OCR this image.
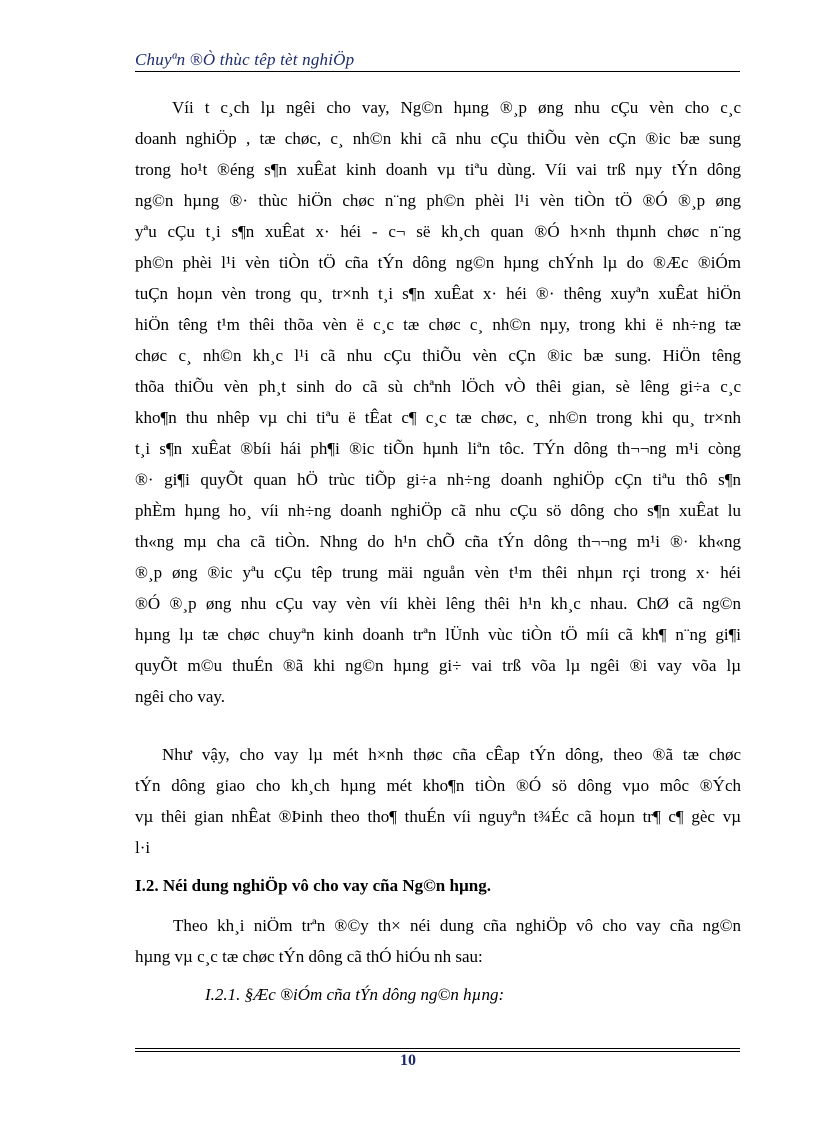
Chuyªn ®Ò thùc têp tèt nghiÖp
Víi t c¸ch lµ ngêi cho vay, Ng©n hµng ®¸p øng nhu cÇu vèn cho c¸c
doanh nghiÖp , tæ chøc, c¸ nh©n khi cã nhu cÇu thiÕu vèn cÇn ®ic bæ sung
trong ho¹t ®éng s¶n xuÊat kinh doanh vµ tiªu dùng. Víi vai trß nµy tÝn dông
ng©n hµng ®· thùc hiÖn chøc n¨ng ph©n phèi l¹i vèn tiÒn tÖ ®Ó ®¸p øng
yªu cÇu t¸i s¶n xuÊat x· héi - c¬ së kh¸ch quan ®Ó h×nh thµnh chøc n¨ng
ph©n phèi l¹i vèn tiÒn tÖ cña tÝn dông ng©n hµng chÝnh lµ do ®Æc ®iÓm
tuÇn hoµn vèn trong qu¸ tr×nh t¸i s¶n xuÊat x· héi ®· thêng xuyªn xuÊat hiÖn
hiÖn têng t¹m thêi thõa vèn ë c¸c tæ chøc c¸ nh©n nµy, trong khi ë nh÷ng tæ
chøc c¸ nh©n kh¸c l¹i cã nhu cÇu thiÕu vèn cÇn ®ic bæ sung. HiÖn têng
thõa thiÕu vèn ph¸t sinh do cã sù chªnh lÖch vÒ thêi gian, sè lêng gi÷a c¸c
kho¶n thu nhêp vµ chi tiªu ë tÊat c¶ c¸c tæ chøc, c¸ nh©n trong khi qu¸ tr×nh
t¸i s¶n xuÊat ®bíi hái ph¶i ®ic tiÕn hµnh liªn tôc. TÝn dông th¬¬ng m¹i còng
®· gi¶i quyÕt quan hÖ trùc tiÕp gi÷a nh÷ng doanh nghiÖp cÇn tiªu thô s¶n
phÈm hµng ho¸ víi nh÷ng doanh nghiÖp cã nhu cÇu sö dông cho s¶n xuÊat lu
th«ng mµ cha cã tiÒn. Nhng do h¹n chÕ cña tÝn dông th¬¬ng m¹i ®· kh«ng
®¸p øng ®ic yªu cÇu têp trung mäi nguån vèn t¹m thêi nhµn rçi trong x· héi
®Ó ®¸p øng nhu cÇu vay vèn víi khèi lêng thêi h¹n kh¸c nhau. ChØ cã ng©n
hµng lµ tæ chøc chuyªn kinh doanh trªn lÜnh vùc tiÒn tÖ míi cã kh¶ n¨ng gi¶i
quyÕt m©u thuÉn ®ã khi ng©n hµng gi÷ vai trß võa lµ ngêi ®i vay võa lµ
ngêi cho vay.
Như vậy, cho vay lµ mét h×nh thøc cña cÊap tÝn dông, theo ®ã tæ chøc
tÝn dông giao cho kh¸ch hµng mét kho¶n tiÒn ®Ó sö dông vµo môc ®Ých
vµ thêi gian nhÊat ®Þinh theo tho¶ thuÉn víi nguyªn t¾Éc cã hoµn tr¶ c¶ gèc vµ
l·i
I.2. Néi dung nghiÖp vô cho vay cña Ng©n hµng.
Theo kh¸i niÖm trªn ®©y th× néi dung cña nghiÖp vô cho vay cña ng©n
hµng vµ c¸c tæ chøc tÝn dông cã thÓ hiÓu nh sau:
I.2.1. §Æc ®iÓm cña tÝn dông ng©n hµng:
10
